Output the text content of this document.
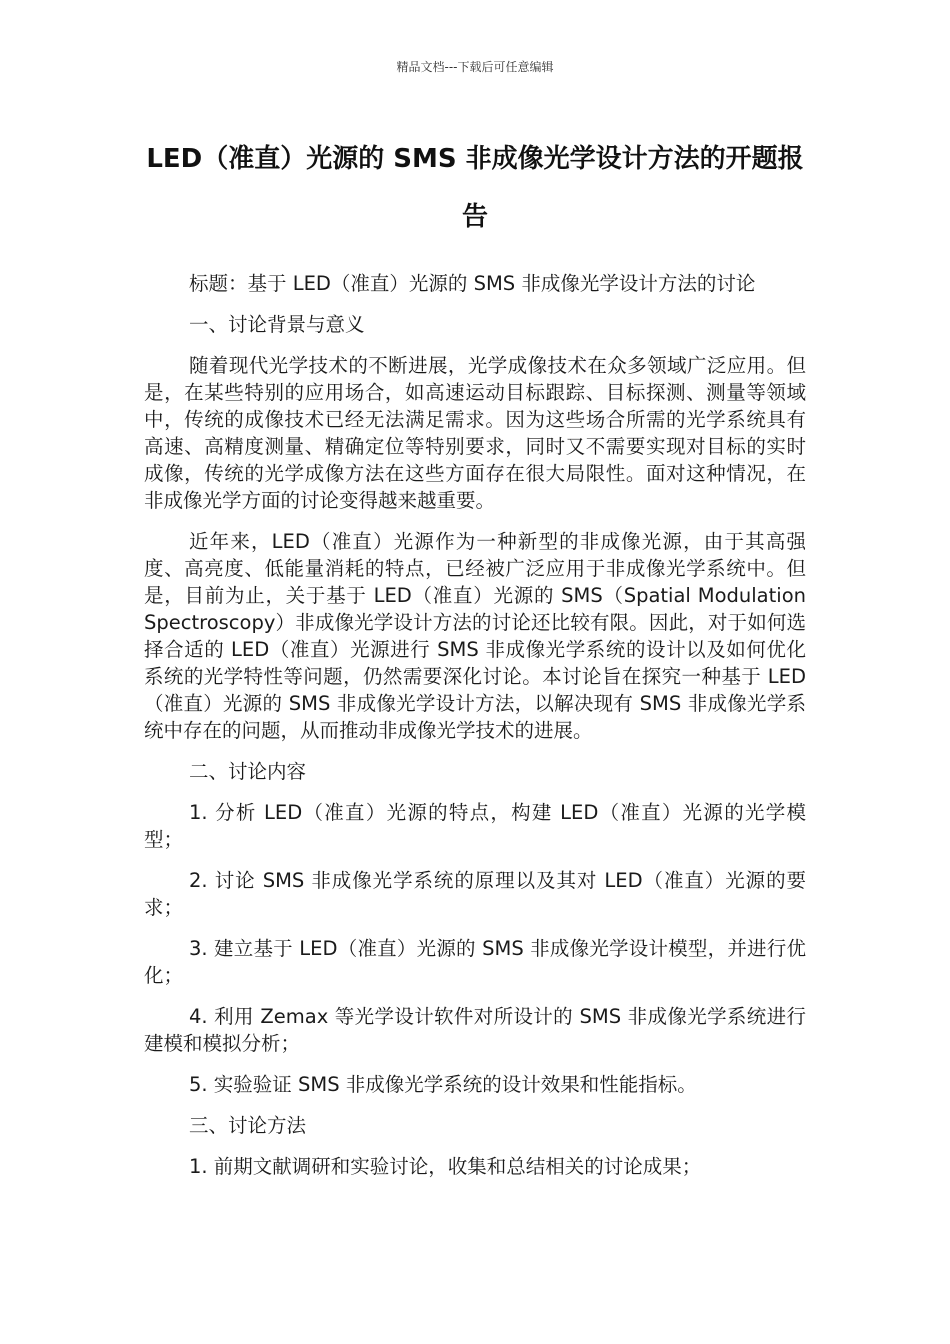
精品文档---下载后可任意编辑
LED（准直）光源的 SMS 非成像光学设计方法的开题报告

标题：基于 LED（准直）光源的 SMS 非成像光学设计方法的讨论

一、讨论背景与意义

随着现代光学技术的不断进展，光学成像技术在众多领域广泛应用。但是，在某些特别的应用场合，如高速运动目标跟踪、目标探测、测量等领域中，传统的成像技术已经无法满足需求。因为这些场合所需的光学系统具有高速、高精度测量、精确定位等特别要求，同时又不需要实现对目标的实时成像，传统的光学成像方法在这些方面存在很大局限性。面对这种情况，在非成像光学方面的讨论变得越来越重要。

近年来，LED（准直）光源作为一种新型的非成像光源，由于其高强度、高亮度、低能量消耗的特点，已经被广泛应用于非成像光学系统中。但是，目前为止，关于基于 LED（准直）光源的 SMS（Spatial Modulation Spectroscopy）非成像光学设计方法的讨论还比较有限。因此，对于如何选择合适的 LED（准直）光源进行 SMS 非成像光学系统的设计以及如何优化系统的光学特性等问题，仍然需要深化讨论。本讨论旨在探究一种基于 LED（准直）光源的 SMS 非成像光学设计方法，以解决现有 SMS 非成像光学系统中存在的问题，从而推动非成像光学技术的进展。

二、讨论内容

1. 分析 LED（准直）光源的特点，构建 LED（准直）光源的光学模型；

2. 讨论 SMS 非成像光学系统的原理以及其对 LED（准直）光源的要求；

3. 建立基于 LED（准直）光源的 SMS 非成像光学设计模型，并进行优化；

4. 利用 Zemax 等光学设计软件对所设计的 SMS 非成像光学系统进行建模和模拟分析；

5. 实验验证 SMS 非成像光学系统的设计效果和性能指标。

三、讨论方法

1. 前期文献调研和实验讨论，收集和总结相关的讨论成果；
